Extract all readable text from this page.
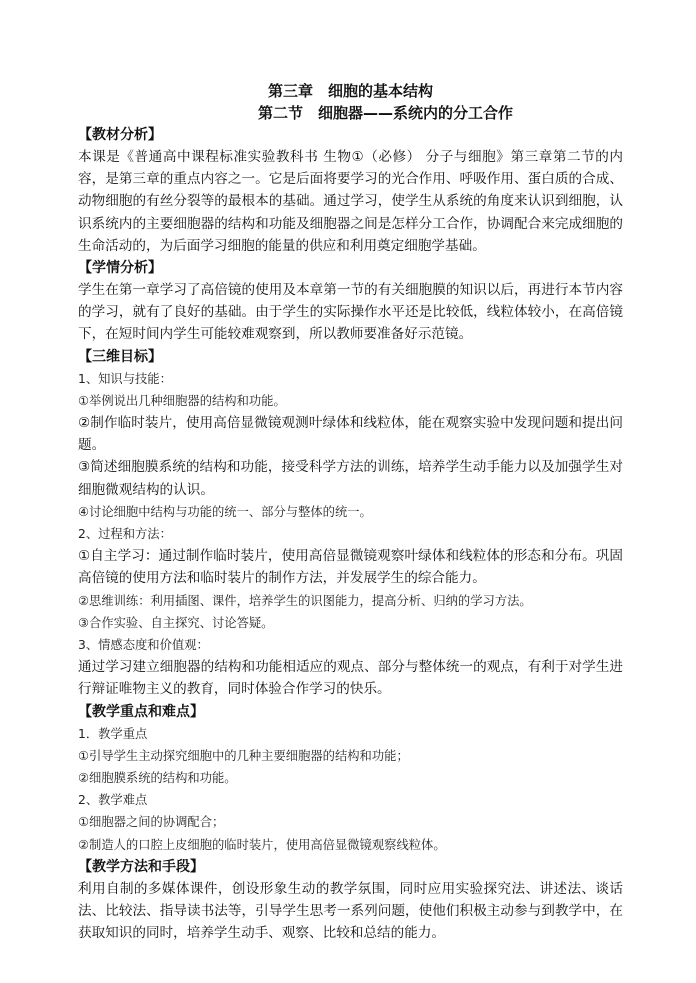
第三章　细胞的基本结构
第二节　细胞器——系统内的分工合作
【教材分析】
本课是《普通高中课程标准实验教科书 生物①（必修） 分子与细胞》第三章第二节的内容，是第三章的重点内容之一。它是后面将要学习的光合作用、呼吸作用、蛋白质的合成、动物细胞的有丝分裂等的最根本的基础。通过学习，使学生从系统的角度来认识到细胞，认识系统内的主要细胞器的结构和功能及细胞器之间是怎样分工合作，协调配合来完成细胞的生命活动的，为后面学习细胞的能量的供应和利用奠定细胞学基础。
【学情分析】
学生在第一章学习了高倍镜的使用及本章第一节的有关细胞膜的知识以后，再进行本节内容的学习，就有了良好的基础。由于学生的实际操作水平还是比较低，线粒体较小，在高倍镜下，在短时间内学生可能较难观察到，所以教师要准备好示范镜。
【三维目标】
1、知识与技能：
①举例说出几种细胞器的结构和功能。
②制作临时装片，使用高倍显微镜观测叶绿体和线粒体，能在观察实验中发现问题和提出问题。
③简述细胞膜系统的结构和功能，接受科学方法的训练，培养学生动手能力以及加强学生对细胞微观结构的认识。
④讨论细胞中结构与功能的统一、部分与整体的统一。
2、过程和方法：
①自主学习：通过制作临时装片，使用高倍显微镜观察叶绿体和线粒体的形态和分布。巩固高倍镜的使用方法和临时装片的制作方法，并发展学生的综合能力。
②思维训练：利用插图、课件，培养学生的识图能力，提高分析、归纳的学习方法。
③合作实验、自主探究、讨论答疑。
3、情感态度和价值观：
通过学习建立细胞器的结构和功能相适应的观点、部分与整体统一的观点，有利于对学生进行辩证唯物主义的教育，同时体验合作学习的快乐。
【教学重点和难点】
1．教学重点
①引导学生主动探究细胞中的几种主要细胞器的结构和功能；
②细胞膜系统的结构和功能。
2、教学难点
①细胞器之间的协调配合；
②制造人的口腔上皮细胞的临时装片，使用高倍显微镜观察线粒体。
【教学方法和手段】
利用自制的多媒体课件，创设形象生动的教学氛围，同时应用实验探究法、讲述法、谈话法、比较法、指导读书法等，引导学生思考一系列问题，使他们积极主动参与到教学中，在获取知识的同时，培养学生动手、观察、比较和总结的能力。
